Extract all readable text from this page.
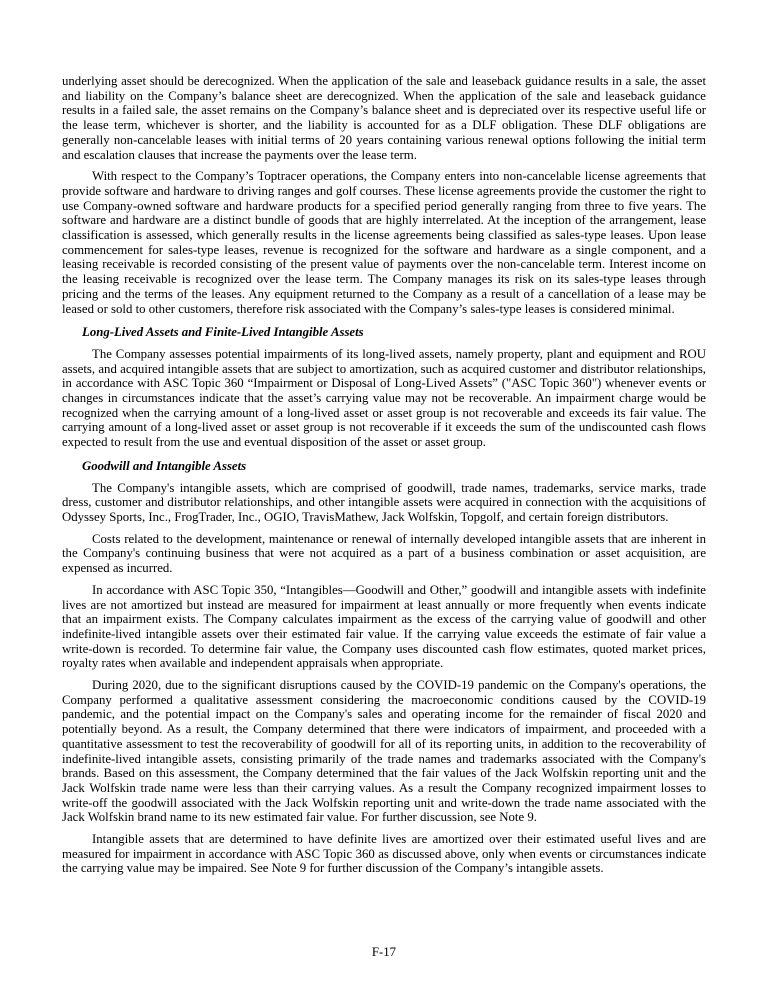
underlying asset should be derecognized. When the application of the sale and leaseback guidance results in a sale, the asset and liability on the Company’s balance sheet are derecognized. When the application of the sale and leaseback guidance results in a failed sale, the asset remains on the Company’s balance sheet and is depreciated over its respective useful life or the lease term, whichever is shorter, and the liability is accounted for as a DLF obligation. These DLF obligations are generally non-cancelable leases with initial terms of 20 years containing various renewal options following the initial term and escalation clauses that increase the payments over the lease term.

With respect to the Company’s Toptracer operations, the Company enters into non-cancelable license agreements that provide software and hardware to driving ranges and golf courses. These license agreements provide the customer the right to use Company-owned software and hardware products for a specified period generally ranging from three to five years. The software and hardware are a distinct bundle of goods that are highly interrelated. At the inception of the arrangement, lease classification is assessed, which generally results in the license agreements being classified as sales-type leases. Upon lease commencement for sales-type leases, revenue is recognized for the software and hardware as a single component, and a leasing receivable is recorded consisting of the present value of payments over the non-cancelable term. Interest income on the leasing receivable is recognized over the lease term. The Company manages its risk on its sales-type leases through pricing and the terms of the leases. Any equipment returned to the Company as a result of a cancellation of a lease may be leased or sold to other customers, therefore risk associated with the Company’s sales-type leases is considered minimal.

Long-Lived Assets and Finite-Lived Intangible Assets

The Company assesses potential impairments of its long-lived assets, namely property, plant and equipment and ROU assets, and acquired intangible assets that are subject to amortization, such as acquired customer and distributor relationships, in accordance with ASC Topic 360 “Impairment or Disposal of Long-Lived Assets” ("ASC Topic 360") whenever events or changes in circumstances indicate that the asset’s carrying value may not be recoverable. An impairment charge would be recognized when the carrying amount of a long-lived asset or asset group is not recoverable and exceeds its fair value. The carrying amount of a long-lived asset or asset group is not recoverable if it exceeds the sum of the undiscounted cash flows expected to result from the use and eventual disposition of the asset or asset group.

Goodwill and Intangible Assets

The Company's intangible assets, which are comprised of goodwill, trade names, trademarks, service marks, trade dress, customer and distributor relationships, and other intangible assets were acquired in connection with the acquisitions of Odyssey Sports, Inc., FrogTrader, Inc., OGIO, TravisMathew, Jack Wolfskin, Topgolf, and certain foreign distributors.

Costs related to the development, maintenance or renewal of internally developed intangible assets that are inherent in the Company's continuing business that were not acquired as a part of a business combination or asset acquisition, are expensed as incurred.

In accordance with ASC Topic 350, “Intangibles—Goodwill and Other,” goodwill and intangible assets with indefinite lives are not amortized but instead are measured for impairment at least annually or more frequently when events indicate that an impairment exists. The Company calculates impairment as the excess of the carrying value of goodwill and other indefinite-lived intangible assets over their estimated fair value. If the carrying value exceeds the estimate of fair value a write-down is recorded. To determine fair value, the Company uses discounted cash flow estimates, quoted market prices, royalty rates when available and independent appraisals when appropriate.

During 2020, due to the significant disruptions caused by the COVID-19 pandemic on the Company's operations, the Company performed a qualitative assessment considering the macroeconomic conditions caused by the COVID-19 pandemic, and the potential impact on the Company's sales and operating income for the remainder of fiscal 2020 and potentially beyond. As a result, the Company determined that there were indicators of impairment, and proceeded with a quantitative assessment to test the recoverability of goodwill for all of its reporting units, in addition to the recoverability of indefinite-lived intangible assets, consisting primarily of the trade names and trademarks associated with the Company's brands. Based on this assessment, the Company determined that the fair values of the Jack Wolfskin reporting unit and the Jack Wolfskin trade name were less than their carrying values. As a result the Company recognized impairment losses to write-off the goodwill associated with the Jack Wolfskin reporting unit and write-down the trade name associated with the Jack Wolfskin brand name to its new estimated fair value. For further discussion, see Note 9.

Intangible assets that are determined to have definite lives are amortized over their estimated useful lives and are measured for impairment in accordance with ASC Topic 360 as discussed above, only when events or circumstances indicate the carrying value may be impaired. See Note 9 for further discussion of the Company’s intangible assets.

F-17
